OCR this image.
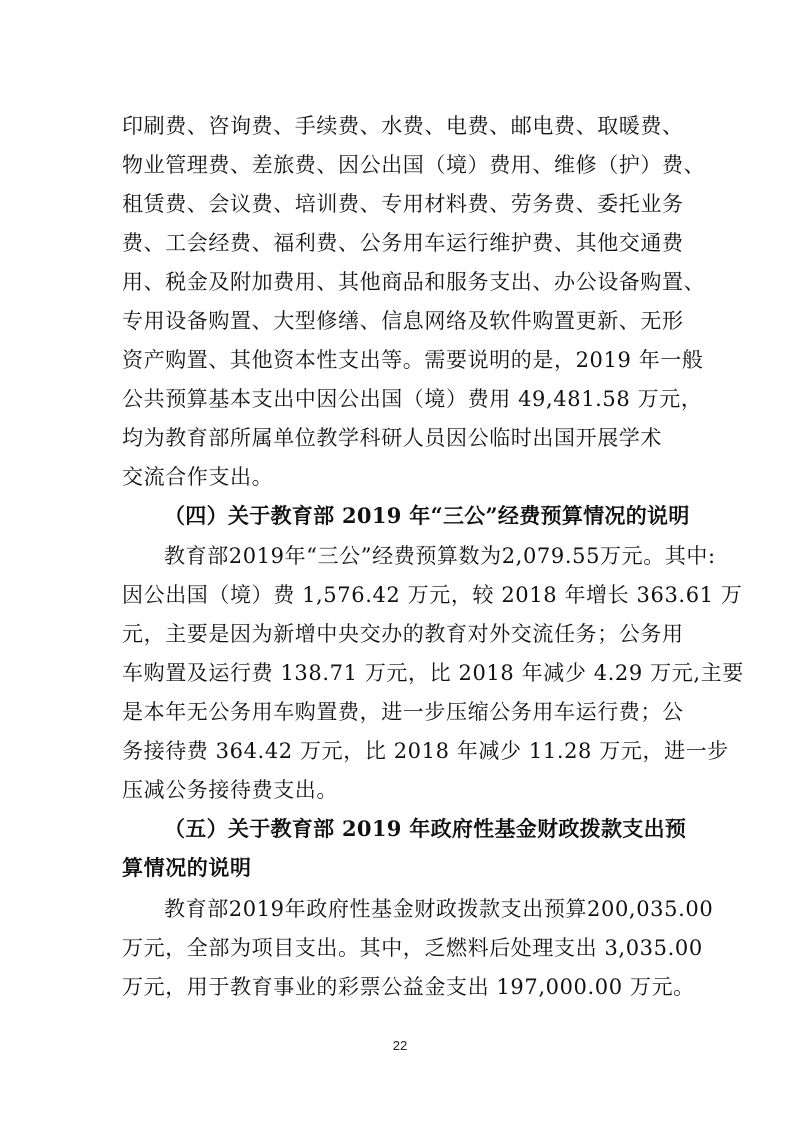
印刷费、咨询费、手续费、水费、电费、邮电费、取暖费、
物业管理费、差旅费、因公出国（境）费用、维修（护）费、
租赁费、会议费、培训费、专用材料费、劳务费、委托业务
费、工会经费、福利费、公务用车运行维护费、其他交通费
用、税金及附加费用、其他商品和服务支出、办公设备购置、
专用设备购置、大型修缮、信息网络及软件购置更新、无形
资产购置、其他资本性支出等。需要说明的是，2019 年一般
公共预算基本支出中因公出国（境）费用 49,481.58 万元，
均为教育部所属单位教学科研人员因公临时出国开展学术
交流合作支出。
（四）关于教育部 2019 年“三公”经费预算情况的说明
教育部2019年“三公”经费预算数为2,079.55万元。其中:
因公出国（境）费 1,576.42 万元，较 2018 年增长 363.61 万
元，主要是因为新增中央交办的教育对外交流任务；公务用
车购置及运行费 138.71 万元，比 2018 年减少 4.29 万元,主要
是本年无公务用车购置费，进一步压缩公务用车运行费；公
务接待费 364.42 万元，比 2018 年减少 11.28 万元，进一步
压减公务接待费支出。
（五）关于教育部 2019 年政府性基金财政拨款支出预
算情况的说明
教育部2019年政府性基金财政拨款支出预算200,035.00
万元，全部为项目支出。其中，乏燃料后处理支出 3,035.00
万元，用于教育事业的彩票公益金支出 197,000.00 万元。
22
